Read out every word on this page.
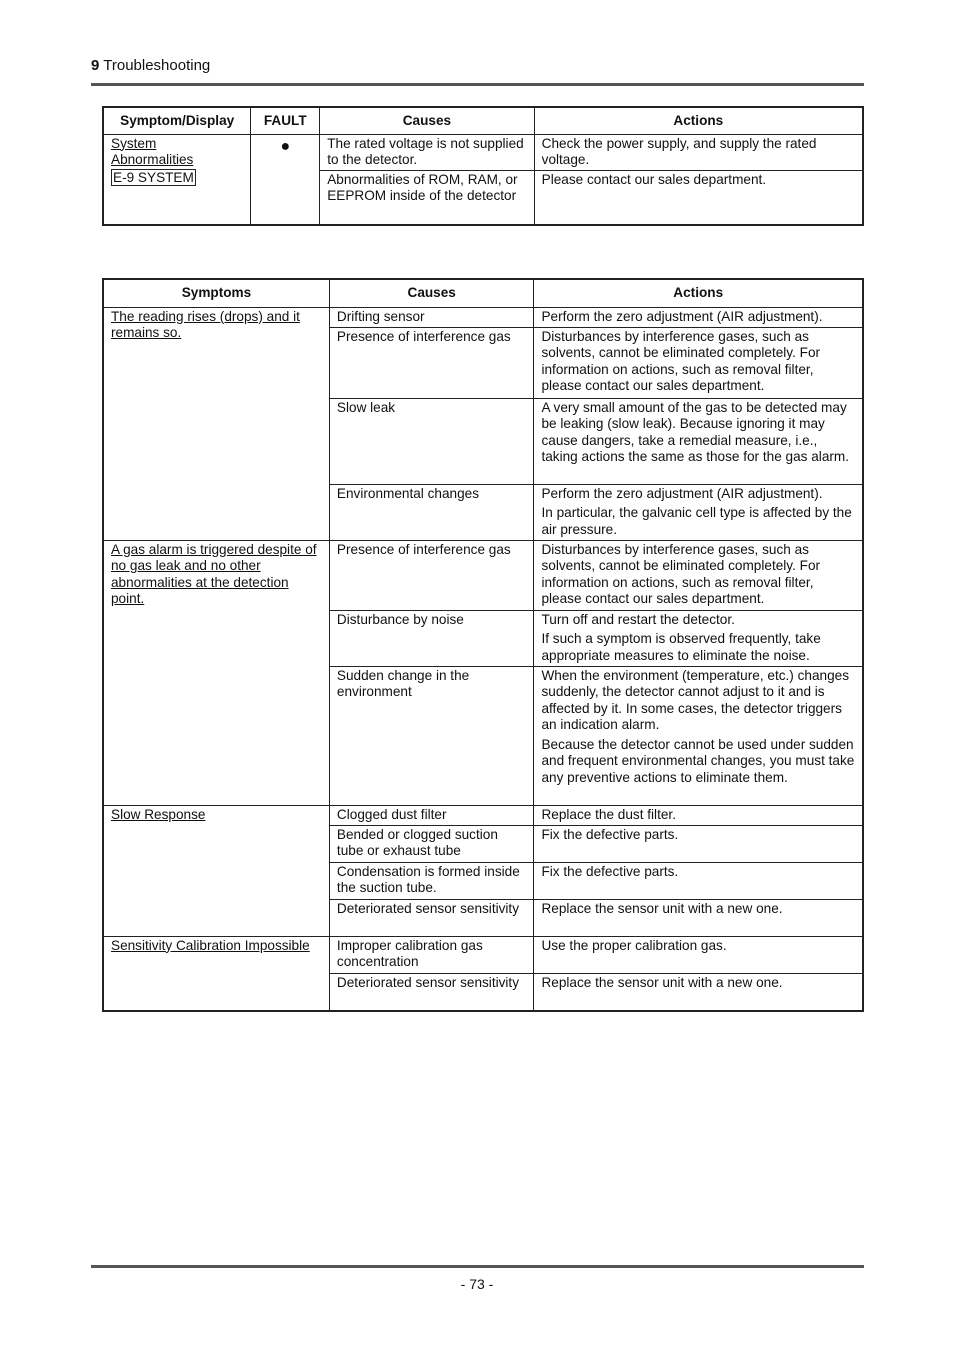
9 Troubleshooting
Symptom/Display	FAULT	Causes	Actions

System
Abnormalities
E-9 SYSTEM	●	The rated voltage is not supplied to the detector.	Check the power supply, and supply the rated voltage.

		Abnormalities of ROM, RAM, or EEPROM inside of the detector	Please contact our sales department.
Symptoms	Causes	Actions

The reading rises (drops) and it remains so.	Drifting sensor	Perform the zero adjustment (AIR adjustment).

	Presence of interference gas	Disturbances by interference gases, such as solvents, cannot be eliminated completely. For information on actions, such as removal filter, please contact our sales department.

	Slow leak	A very small amount of the gas to be detected may be leaking (slow leak). Because ignoring it may cause dangers, take a remedial measure, i.e., taking actions the same as those for the gas alarm.

	Environmental changes	Perform the zero adjustment (AIR adjustment).
In particular, the galvanic cell type is affected by the air pressure.

A gas alarm is triggered despite of no gas leak and no other abnormalities at the detection point.	Presence of interference gas	Disturbances by interference gases, such as solvents, cannot be eliminated completely. For information on actions, such as removal filter, please contact our sales department.

	Disturbance by noise	Turn off and restart the detector.
If such a symptom is observed frequently, take appropriate measures to eliminate the noise.

	Sudden change in the environment	When the environment (temperature, etc.) changes suddenly, the detector cannot adjust to it and is affected by it. In some cases, the detector triggers an indication alarm.
Because the detector cannot be used under sudden and frequent environmental changes, you must take any preventive actions to eliminate them.

Slow Response	Clogged dust filter	Replace the dust filter.

	Bended or clogged suction tube or exhaust tube	Fix the defective parts.

	Condensation is formed inside the suction tube.	Fix the defective parts.

	Deteriorated sensor sensitivity	Replace the sensor unit with a new one.

Sensitivity Calibration Impossible	Improper calibration gas concentration	Use the proper calibration gas.

	Deteriorated sensor sensitivity	Replace the sensor unit with a new one.
- 73 -
